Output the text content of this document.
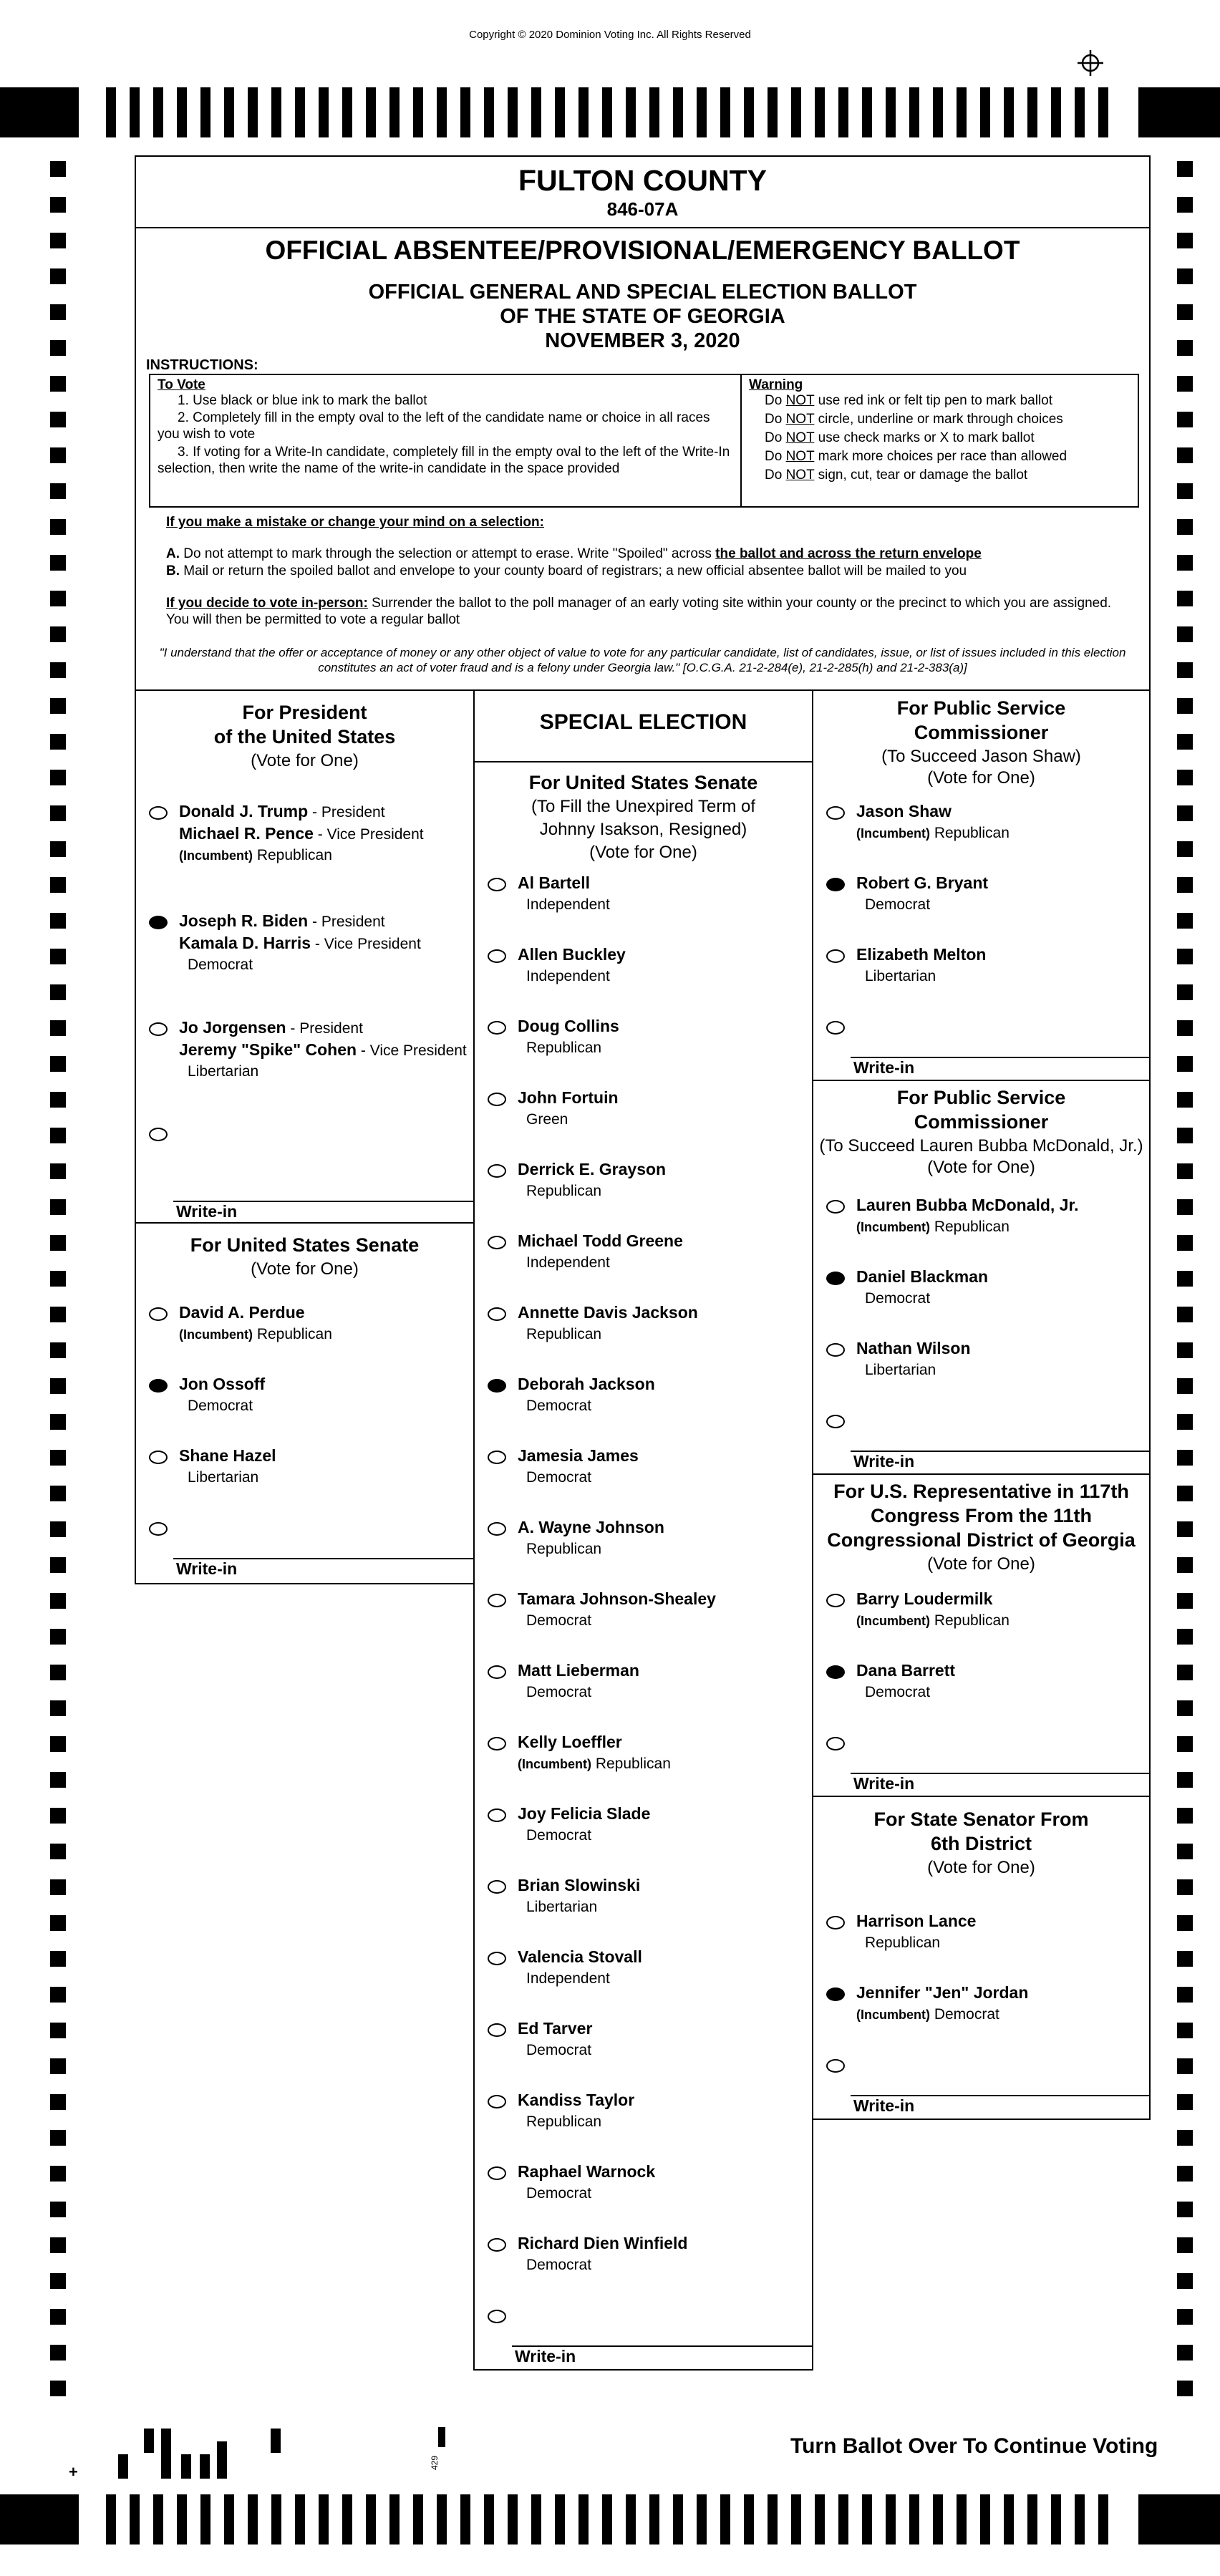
Copyright © 2020 Dominion Voting Inc. All Rights Reserved
FULTON COUNTY
846-07A
OFFICIAL ABSENTEE/PROVISIONAL/EMERGENCY BALLOT
OFFICIAL GENERAL AND SPECIAL ELECTION BALLOT
OF THE STATE OF GEORGIA
NOVEMBER 3, 2020
INSTRUCTIONS:
To Vote
1. Use black or blue ink to mark the ballot
2. Completely fill in the empty oval to the left of the candidate name or choice in all races you wish to vote
3. If voting for a Write-In candidate, completely fill in the empty oval to the left of the Write-In selection, then write the name of the write-in candidate in the space provided
Warning
Do NOT use red ink or felt tip pen to mark ballot
Do NOT circle, underline or mark through choices
Do NOT use check marks or X to mark ballot
Do NOT mark more choices per race than allowed
Do NOT sign, cut, tear or damage the ballot
If you make a mistake or change your mind on a selection:
A. Do not attempt to mark through the selection or attempt to erase. Write "Spoiled" across the ballot and across the return envelope
B. Mail or return the spoiled ballot and envelope to your county board of registrars; a new official absentee ballot will be mailed to you
If you decide to vote in-person: Surrender the ballot to the poll manager of an early voting site within your county or the precinct to which you are assigned. You will then be permitted to vote a regular ballot
"I understand that the offer or acceptance of money or any other object of value to vote for any particular candidate, list of candidates, issue, or list of issues included in this election constitutes an act of voter fraud and is a felony under Georgia law." [O.C.G.A. 21-2-284(e), 21-2-285(h) and 21-2-383(a)]
For President
of the United States
(Vote for One)
Donald J. Trump - President
Michael R. Pence - Vice President
(Incumbent) Republican
Joseph R. Biden - President
Kamala D. Harris - Vice President
Democrat
Jo Jorgensen - President
Jeremy "Spike" Cohen - Vice President
Libertarian
Write-in
For United States Senate
(Vote for One)
David A. Perdue
(Incumbent) Republican
Jon Ossoff
Democrat
Shane Hazel
Libertarian
Write-in
SPECIAL ELECTION
For United States Senate
(To Fill the Unexpired Term of
Johnny Isakson, Resigned)
(Vote for One)
Al Bartell
Independent
Allen Buckley
Independent
Doug Collins
Republican
John Fortuin
Green
Derrick E. Grayson
Republican
Michael Todd Greene
Independent
Annette Davis Jackson
Republican
Deborah Jackson
Democrat
Jamesia James
Democrat
A. Wayne Johnson
Republican
Tamara Johnson-Shealey
Democrat
Matt Lieberman
Democrat
Kelly Loeffler
(Incumbent) Republican
Joy Felicia Slade
Democrat
Brian Slowinski
Libertarian
Valencia Stovall
Independent
Ed Tarver
Democrat
Kandiss Taylor
Republican
Raphael Warnock
Democrat
Richard Dien Winfield
Democrat
Write-in
For Public Service
Commissioner
(To Succeed Jason Shaw)
(Vote for One)
Jason Shaw
(Incumbent) Republican
Robert G. Bryant
Democrat
Elizabeth Melton
Libertarian
Write-in
For Public Service
Commissioner
(To Succeed Lauren Bubba McDonald, Jr.)
(Vote for One)
Lauren Bubba McDonald, Jr.
(Incumbent) Republican
Daniel Blackman
Democrat
Nathan Wilson
Libertarian
Write-in
For U.S. Representative in 117th
Congress From the 11th
Congressional District of Georgia
(Vote for One)
Barry Loudermilk
(Incumbent) Republican
Dana Barrett
Democrat
Write-in
For State Senator From
6th District
(Vote for One)
Harrison Lance
Republican
Jennifer "Jen" Jordan
(Incumbent) Democrat
Write-in
+	429
Turn Ballot Over To Continue Voting
